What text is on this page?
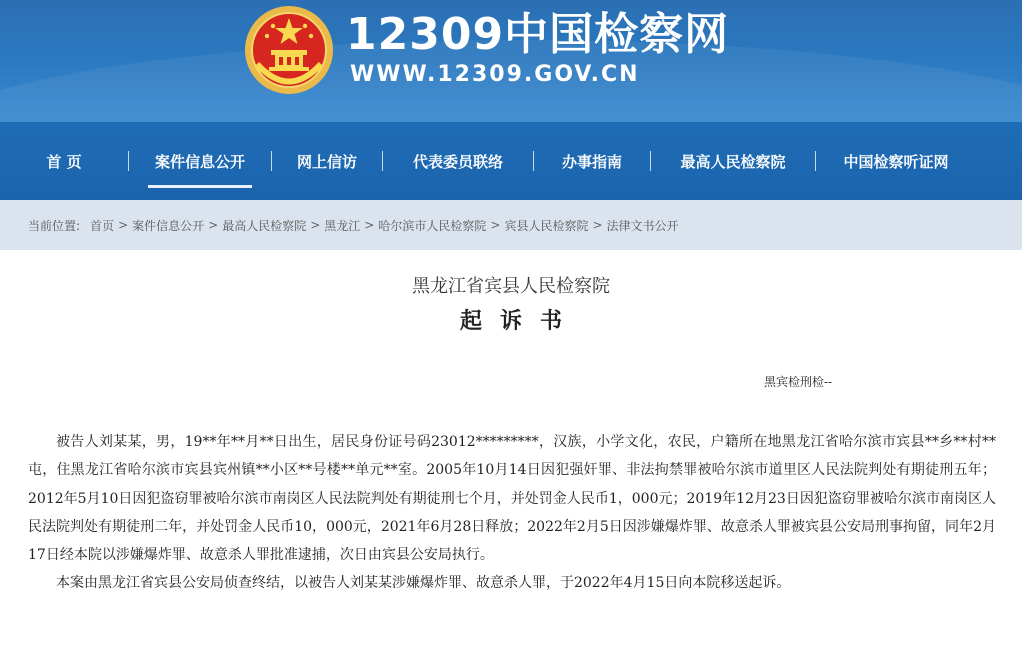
12309中国检察网
WWW.12309.GOV.CN
首 页	案件信息公开	网上信访	代表委员联络	办事指南	最高人民检察院	中国检察听证网
当前位置: 首页 > 案件信息公开 > 最高人民检察院 > 黑龙江 > 哈尔滨市人民检察院 > 宾县人民检察院 > 法律文书公开
黑龙江省宾县人民检察院
起诉书
黑宾检刑检--

被告人刘某某，男，19**年**月**日出生，居民身份证号码23012*********，汉族，小学文化，农民，户籍所在地黑龙江省哈尔滨市宾县**乡**村**屯，住黑龙江省哈尔滨市宾县宾州镇**小区**号楼**单元**室。2005年10月14日因犯强奸罪、非法拘禁罪被哈尔滨市道里区人民法院判处有期徒刑五年；2012年5月10日因犯盗窃罪被哈尔滨市南岗区人民法院判处有期徒刑七个月，并处罚金人民币1，000元；2019年12月23日因犯盗窃罪被哈尔滨市南岗区人民法院判处有期徒刑二年，并处罚金人民币10，000元，2021年6月28日释放；2022年2月5日因涉嫌爆炸罪、故意杀人罪被宾县公安局刑事拘留，同年2月17日经本院以涉嫌爆炸罪、故意杀人罪批准逮捕，次日由宾县公安局执行。

本案由黑龙江省宾县公安局侦查终结，以被告人刘某某涉嫌爆炸罪、故意杀人罪，于2022年4月15日向本院移送起诉。
